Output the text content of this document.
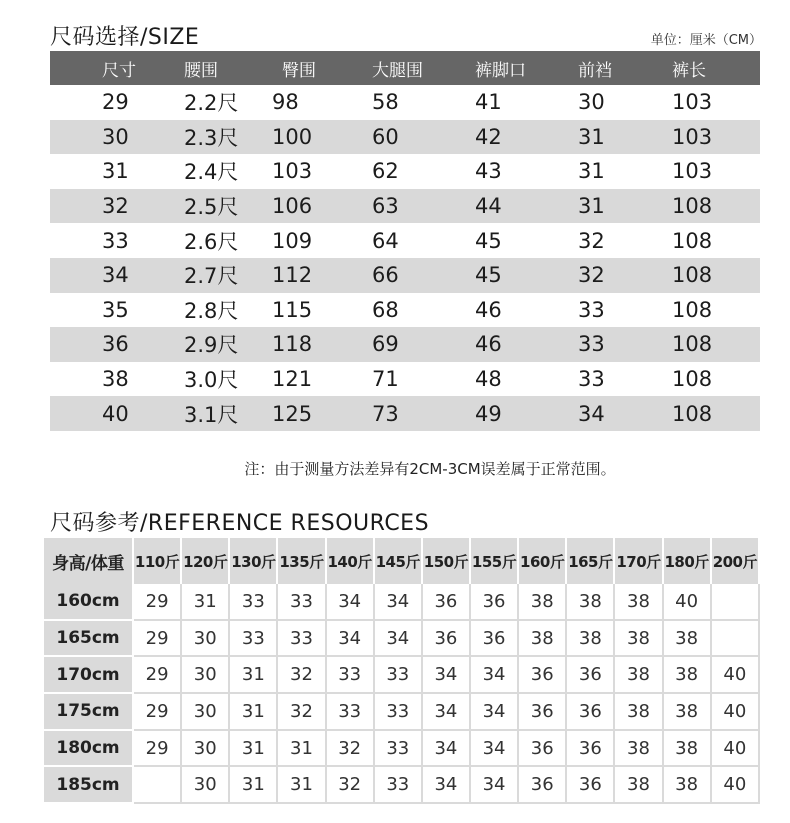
尺码选择/SIZE	单位：厘米（CM）
尺寸	腰围	臀围	大腿围	裤脚口	前裆	裤长
29	2.2尺	98	58	41	30	103
30	2.3尺	100	60	42	31	103
31	2.4尺	103	62	43	31	103
32	2.5尺	106	63	44	31	108
33	2.6尺	109	64	45	32	108
34	2.7尺	112	66	45	32	108
35	2.8尺	115	68	46	33	108
36	2.9尺	118	69	46	33	108
38	3.0尺	121	71	48	33	108
40	3.1尺	125	73	49	34	108
注：由于测量方法差异有2CM-3CM误差属于正常范围。
尺码参考/REFERENCE RESOURCES
身高/体重	110斤	120斤	130斤	135斤	140斤	145斤	150斤	155斤	160斤	165斤	170斤	180斤	200斤
160cm	29	31	33	33	34	34	36	36	38	38	38	40	
165cm	29	30	33	33	34	34	36	36	38	38	38	38	
170cm	29	30	31	32	33	33	34	34	36	36	38	38	40
175cm	29	30	31	32	33	33	34	34	36	36	38	38	40
180cm	29	30	31	31	32	33	34	34	36	36	38	38	40
185cm		30	31	31	32	33	34	34	36	36	38	38	40
